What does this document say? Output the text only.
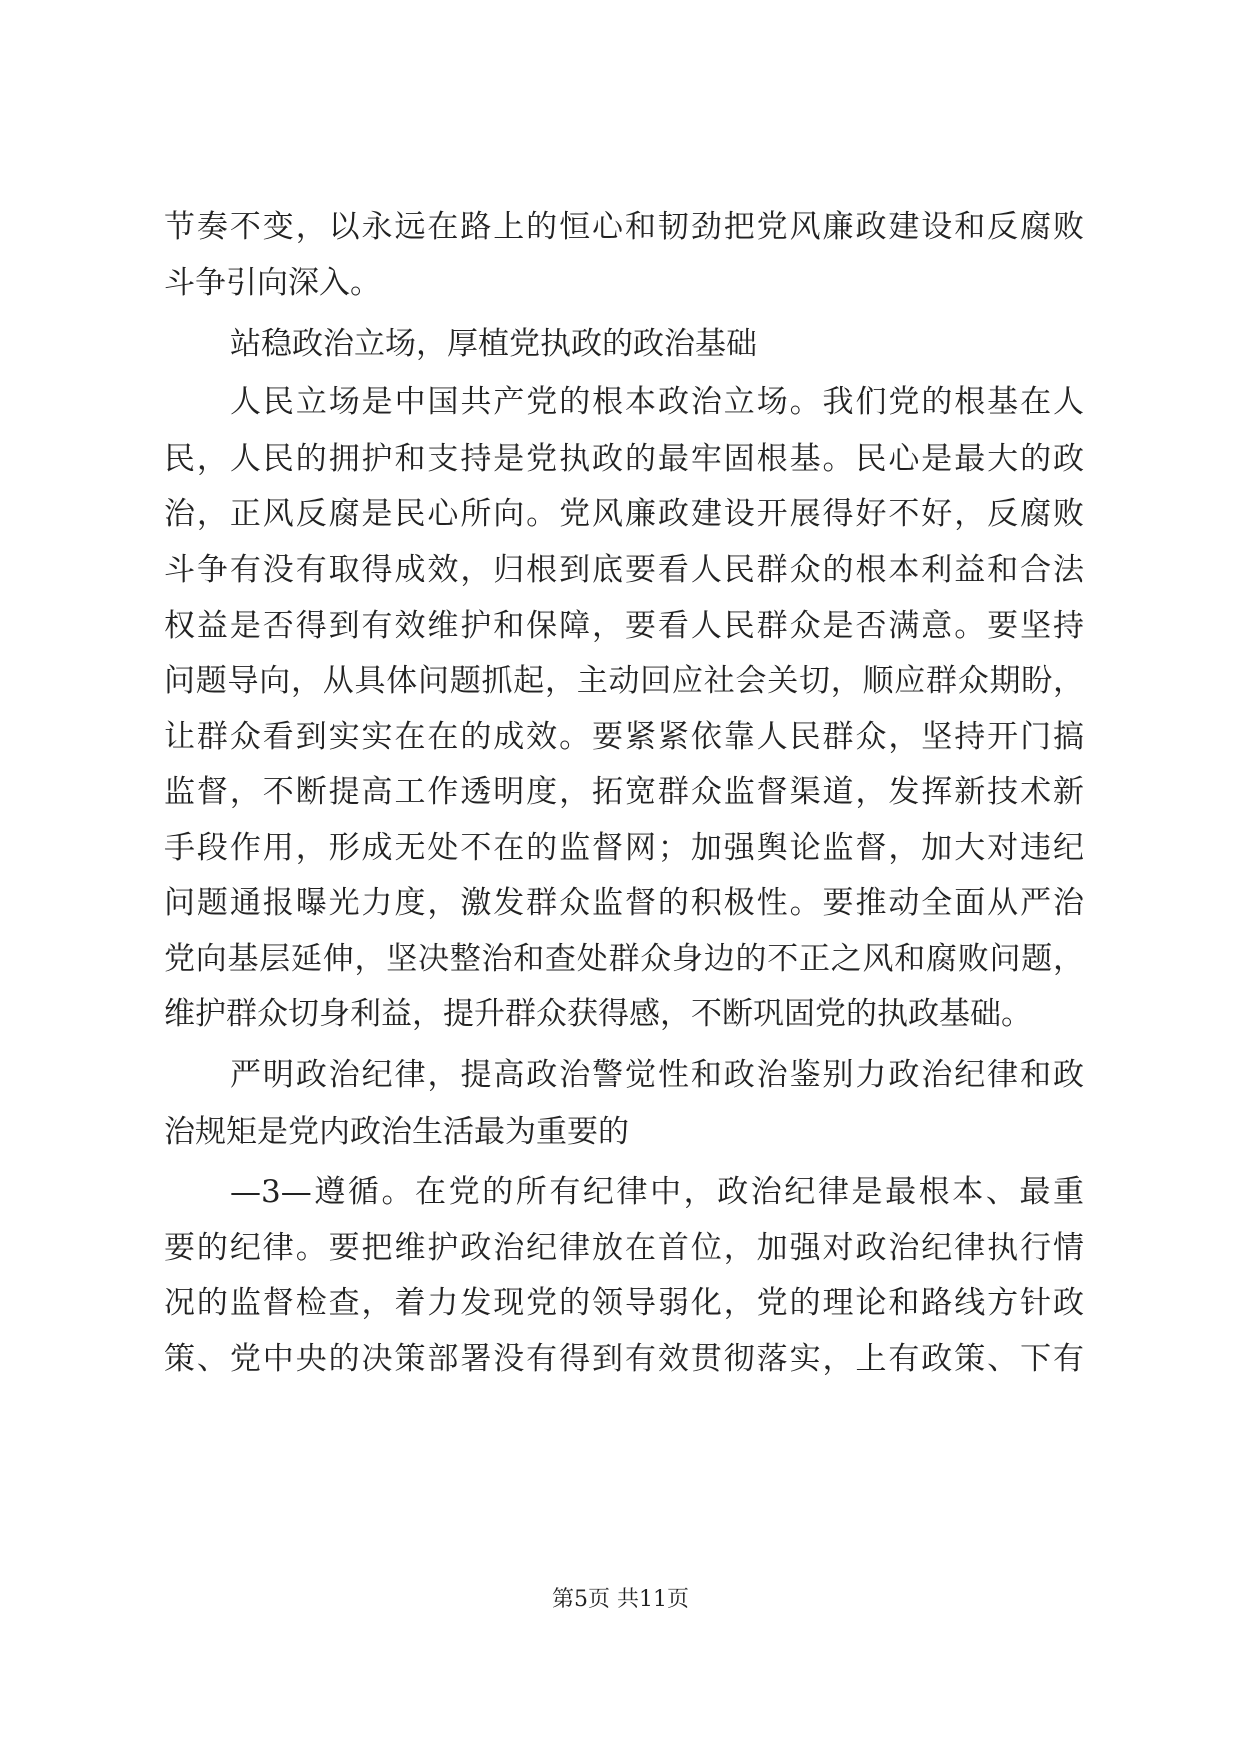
节奏不变，以永远在路上的恒心和韧劲把党风廉政建设和反腐败
斗争引向深入。
站稳政治立场，厚植党执政的政治基础
人民立场是中国共产党的根本政治立场。我们党的根基在人
民，人民的拥护和支持是党执政的最牢固根基。民心是最大的政
治，正风反腐是民心所向。党风廉政建设开展得好不好，反腐败
斗争有没有取得成效，归根到底要看人民群众的根本利益和合法
权益是否得到有效维护和保障，要看人民群众是否满意。要坚持
问题导向，从具体问题抓起，主动回应社会关切，顺应群众期盼，
让群众看到实实在在的成效。要紧紧依靠人民群众，坚持开门搞
监督，不断提高工作透明度，拓宽群众监督渠道，发挥新技术新
手段作用，形成无处不在的监督网；加强舆论监督，加大对违纪
问题通报曝光力度，激发群众监督的积极性。要推动全面从严治
党向基层延伸，坚决整治和查处群众身边的不正之风和腐败问题，
维护群众切身利益，提升群众获得感，不断巩固党的执政基础。
严明政治纪律，提高政治警觉性和政治鉴别力政治纪律和政
治规矩是党内政治生活最为重要的
—3—遵循。在党的所有纪律中，政治纪律是最根本、最重
要的纪律。要把维护政治纪律放在首位，加强对政治纪律执行情
况的监督检查，着力发现党的领导弱化，党的理论和路线方针政
策、党中央的决策部署没有得到有效贯彻落实，上有政策、下有
第5页 共11页
